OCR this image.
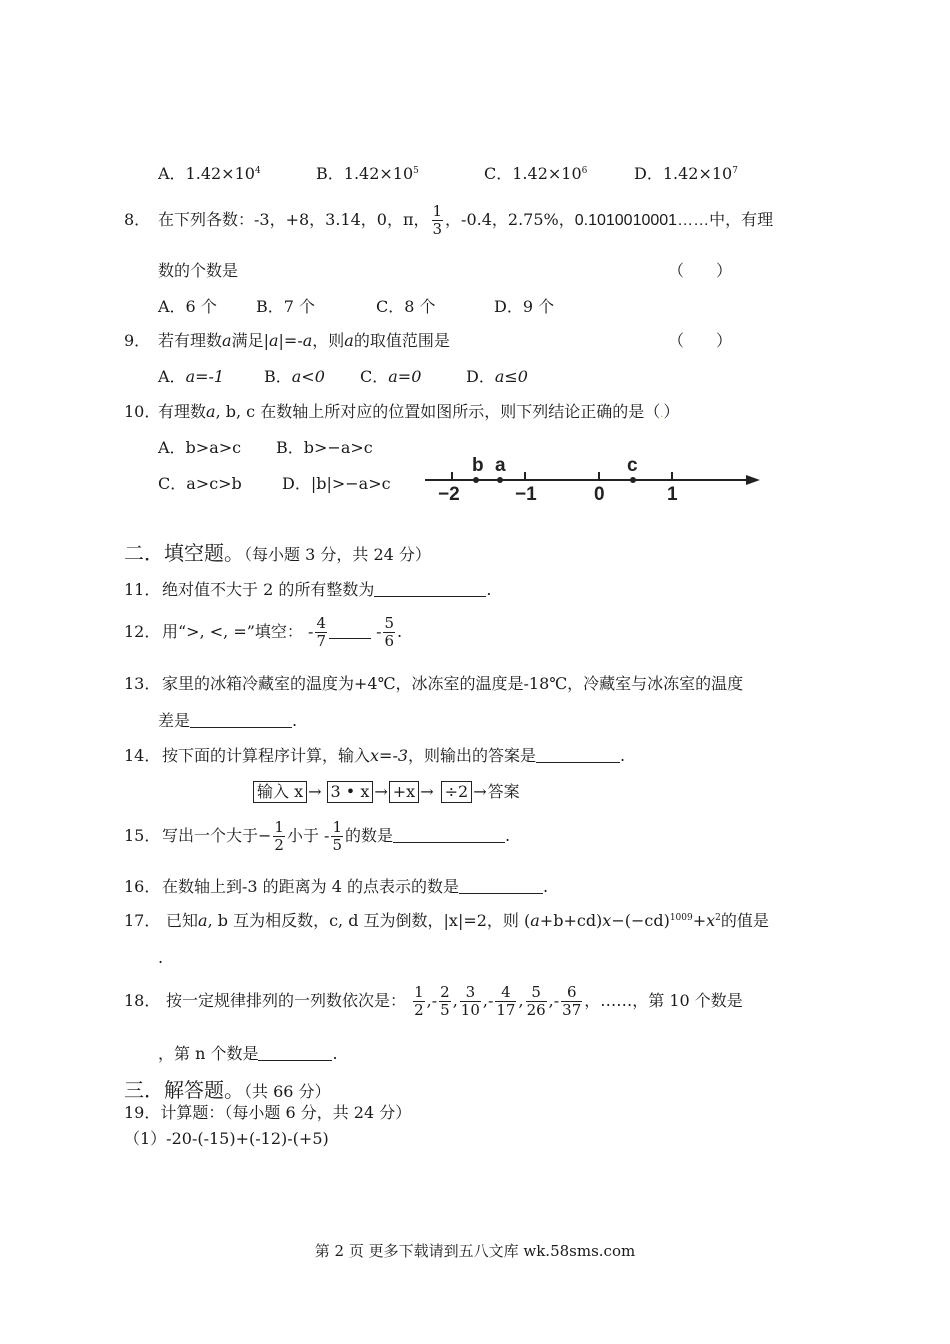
A．$1.42\times 10^4$	B．$1.42\times 10^5$	C．$1.42\times 10^6$	D．$1.42\times 10^7$
8． 在下列各数：-3，+8，3.14，0，π， $\frac{1}{3}$ ，-0.4，2.75%，0.1010010001……中，有理
数的个数是	（　　）
A．6 个 B．7 个	C．8 个	D．9 个
9． 若有理数a满足|a|=-a，则a的取值范围是	（　　）
A．a=-1 B．a<0 C．a=0	D．a≤0
10．有理数a, b, c 在数轴上所对应的位置如图所示，则下列结论正确的是（.）
A．b>a>c B．b>−a>c
C．a>c>b	D．|b|>−a>c
b a	c
−2	−1	0	1
二．填空题。（每小题 3 分，共 24 分）
11． 绝对值不大于 2 的所有整数为	.
12． 用“>, <, =”填空： - $\frac{4}{7}$	- $\frac{5}{6}$ .
13． 家里的冰箱冷藏室的温度为+4℃，冰冻室的温度是-18℃，冷藏室与冰冻室的温度
差是	.
14． 按下面的计算程序计算，输入x=-3，则输出的答案是	.
输入 x → 3 • x → +x → ÷2 →答案
15． 写出一个大于− $\frac{1}{2}$ 小于 - $\frac{1}{5}$ 的数是	.
16． 在数轴上到-3 的距离为 4 的点表示的数是	.
17． 已知a, b 互为相反数，c, d 互为倒数，|x|=2，则 $(a+b+cd)x-(-cd)^{1009}+x^2$的值是
.
18． 按一定规律排列的一列数依次是： $\frac{1}{2}$ ,- $\frac{2}{5}$ , $\frac{3}{10}$ ,- $\frac{4}{17}$ , $\frac{5}{26}$ ,- $\frac{6}{37}$ ，……，第 10 个数是
，第 n 个数是	.
三．解答题。（共 66 分）
19．计算题：（每小题 6 分，共 24 分）
（1）-20-(-15)+(-12)-(+5)
第 2 页 更多下载请到五八文库 wk.58sms.com
